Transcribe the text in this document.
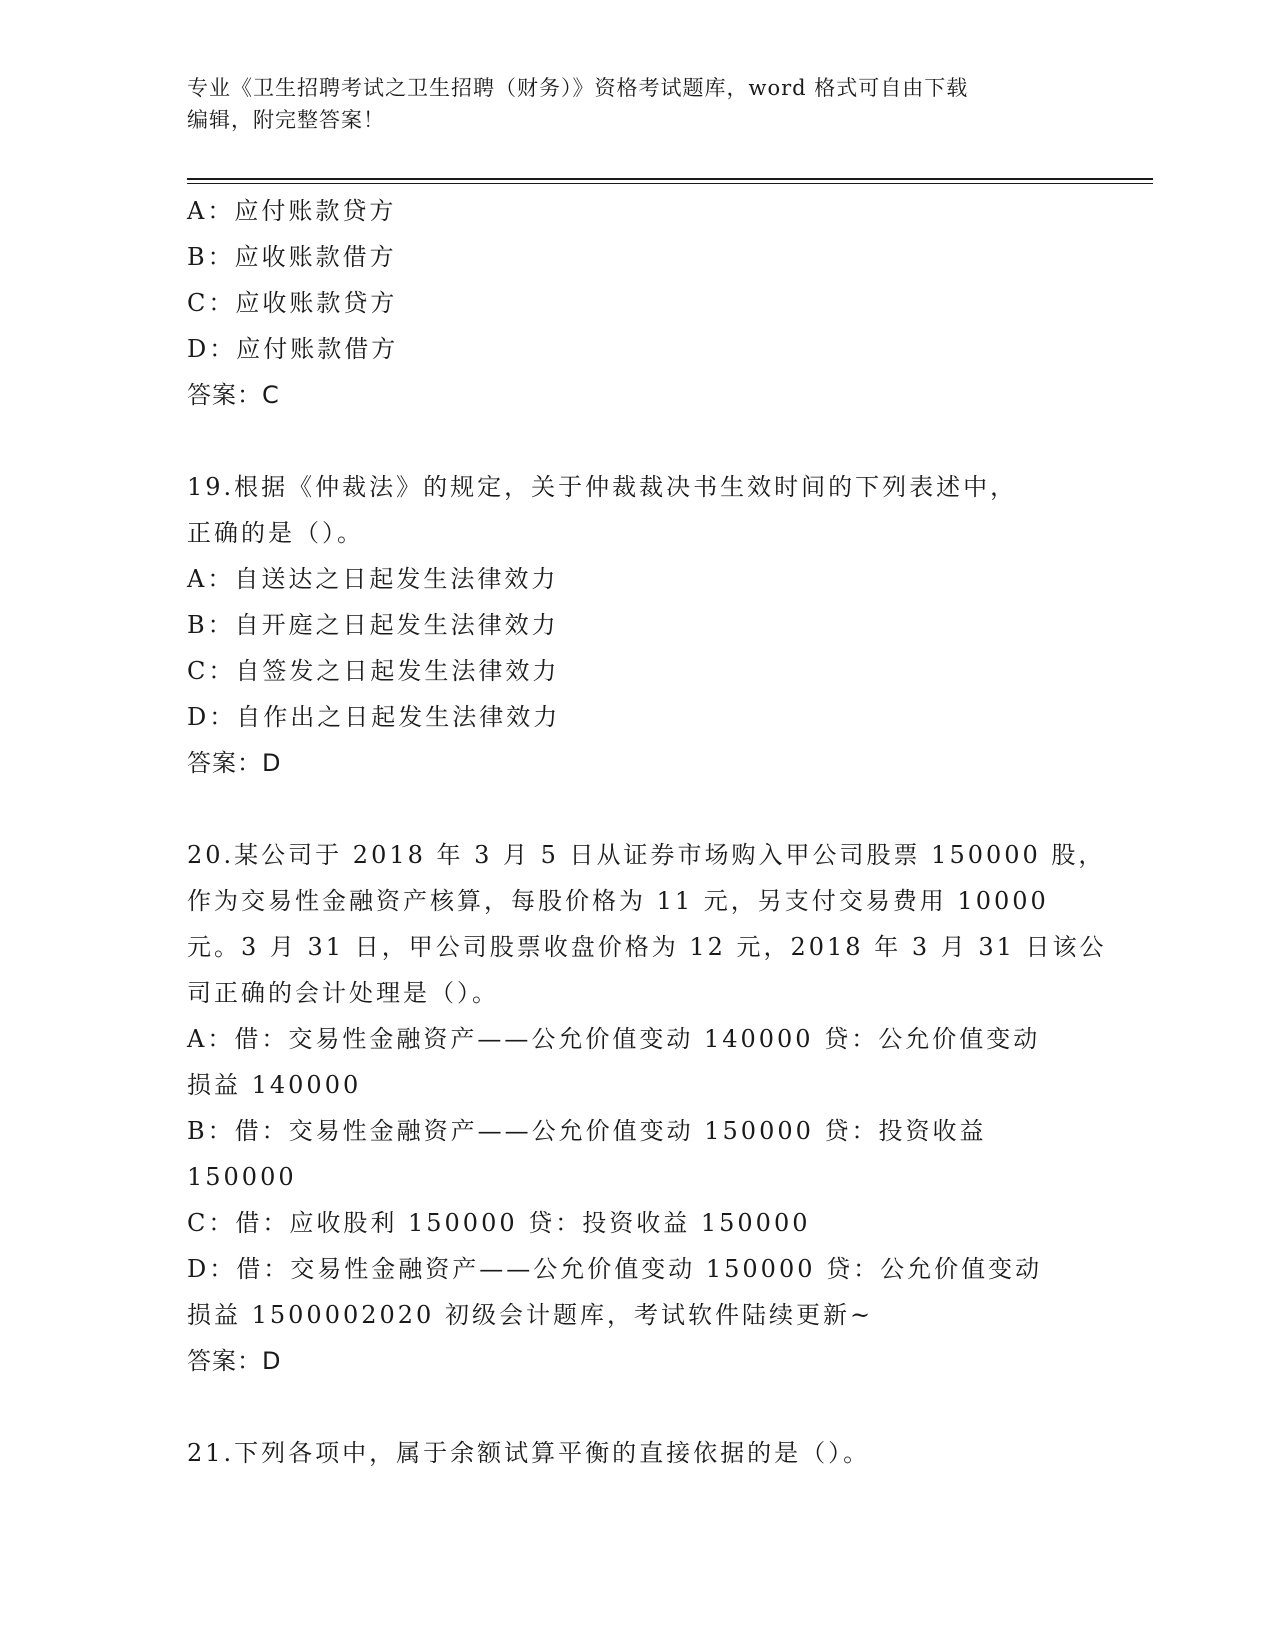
专业《卫生招聘考试之卫生招聘（财务）》资格考试题库，word 格式可自由下载
编辑，附完整答案！
A：应付账款贷方
B：应收账款借方
C：应收账款贷方
D：应付账款借方
答案：C
19.根据《仲裁法》的规定，关于仲裁裁决书生效时间的下列表述中，
正确的是（）。
A：自送达之日起发生法律效力
B：自开庭之日起发生法律效力
C：自签发之日起发生法律效力
D：自作出之日起发生法律效力
答案：D
20.某公司于 2018 年 3 月 5 日从证券市场购入甲公司股票 150000 股，
作为交易性金融资产核算，每股价格为 11 元，另支付交易费用 10000
元。3 月 31 日，甲公司股票收盘价格为 12 元，2018 年 3 月 31 日该公
司正确的会计处理是（）。
A：借：交易性金融资产——公允价值变动 140000 贷：公允价值变动
损益 140000
B：借：交易性金融资产——公允价值变动 150000 贷：投资收益
150000
C：借：应收股利 150000 贷：投资收益 150000
D：借：交易性金融资产——公允价值变动 150000 贷：公允价值变动
损益 1500002020 初级会计题库，考试软件陆续更新~
答案：D
21.下列各项中，属于余额试算平衡的直接依据的是（）。
